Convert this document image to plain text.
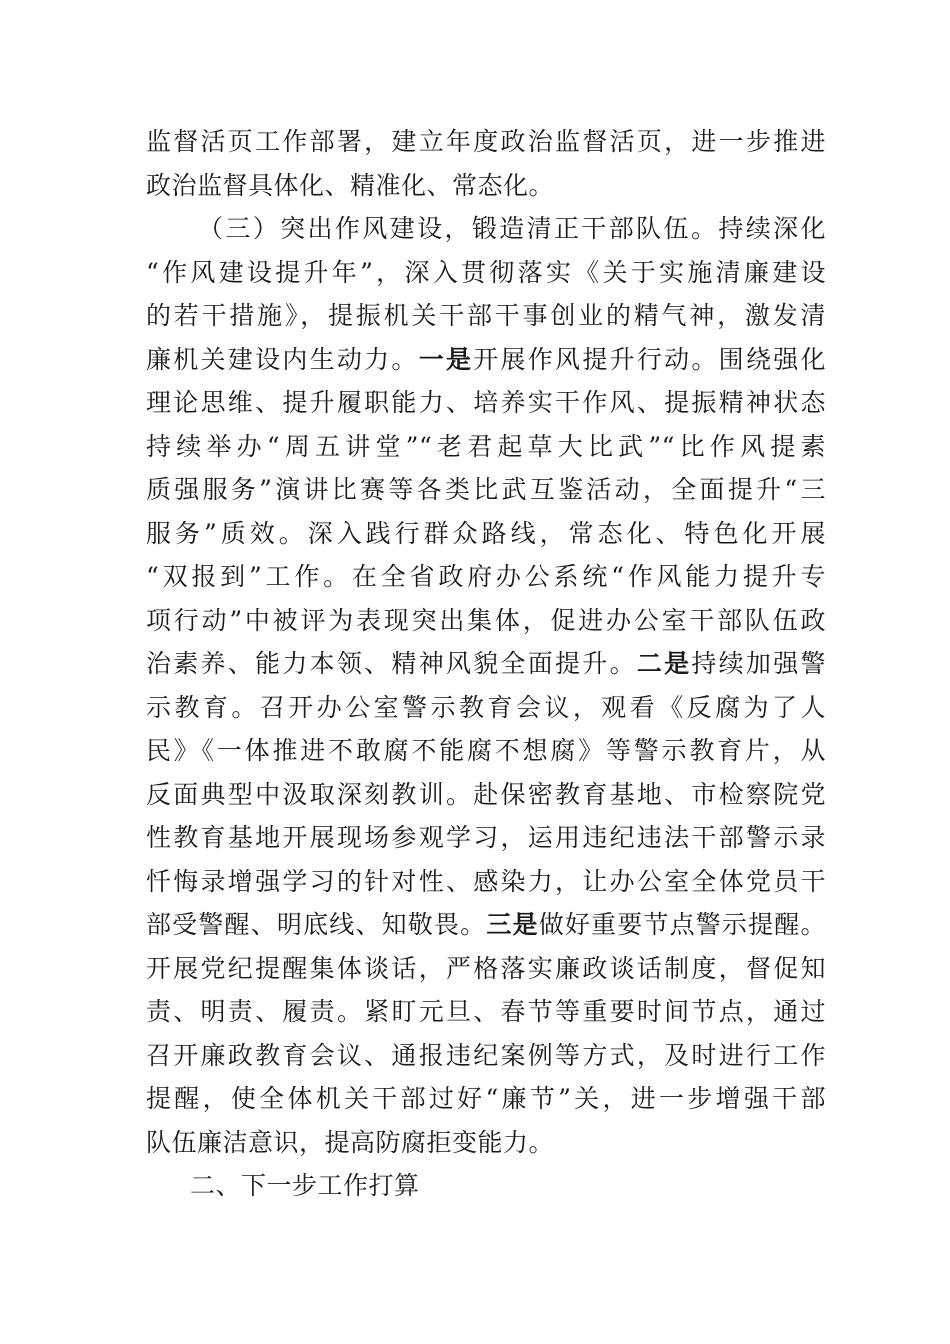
监督活页工作部署，建立年度政治监督活页，进一步推进
政治监督具体化、精准化、常态化。
（三）突出作风建设，锻造清正干部队伍。持续深化
“作风建设提升年”，深入贯彻落实《关于实施清廉建设
的若干措施》，提振机关干部干事创业的精气神，激发清
廉机关建设内生动力。一是开展作风提升行动。围绕强化
理论思维、提升履职能力、培养实干作风、提振精神状态
持续举办“周五讲堂”“老君起草大比武”“比作风提素
质强服务”演讲比赛等各类比武互鉴活动，全面提升“三
服务”质效。深入践行群众路线，常态化、特色化开展
“双报到”工作。在全省政府办公系统“作风能力提升专
项行动”中被评为表现突出集体，促进办公室干部队伍政
治素养、能力本领、精神风貌全面提升。二是持续加强警
示教育。召开办公室警示教育会议，观看《反腐为了人
民》《一体推进不敢腐不能腐不想腐》等警示教育片，从
反面典型中汲取深刻教训。赴保密教育基地、市检察院党
性教育基地开展现场参观学习，运用违纪违法干部警示录
忏悔录增强学习的针对性、感染力，让办公室全体党员干
部受警醒、明底线、知敬畏。三是做好重要节点警示提醒。
开展党纪提醒集体谈话，严格落实廉政谈话制度，督促知
责、明责、履责。紧盯元旦、春节等重要时间节点，通过
召开廉政教育会议、通报违纪案例等方式，及时进行工作
提醒，使全体机关干部过好“廉节”关，进一步增强干部
队伍廉洁意识，提高防腐拒变能力。
二、下一步工作打算
